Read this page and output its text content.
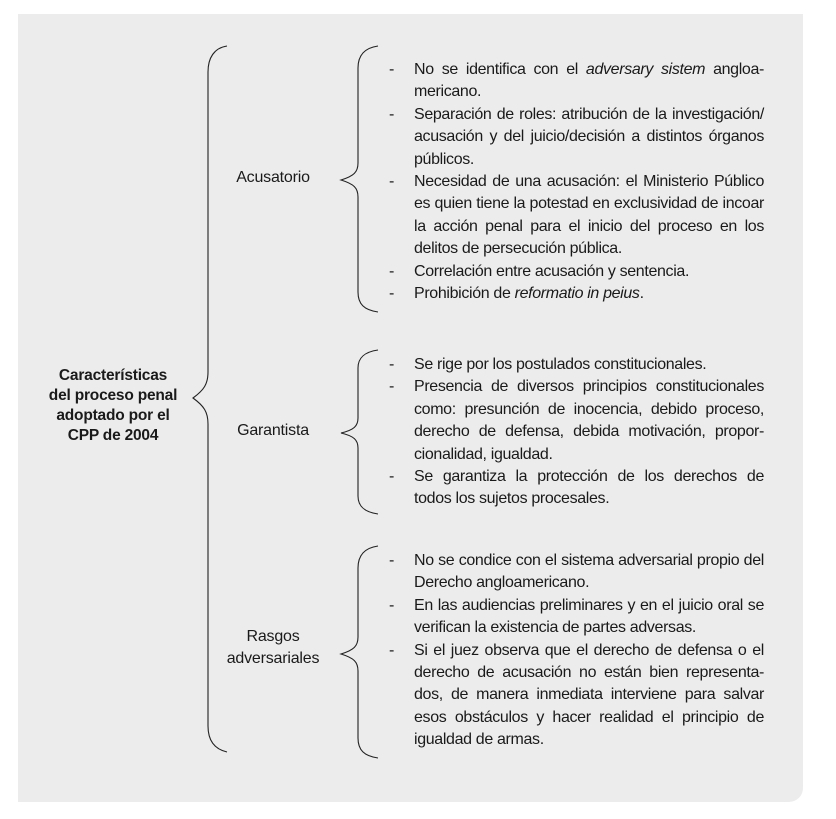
Características
del proceso penal
adoptado por el
CPP de 2004
Acusatorio
Garantista
Rasgos
adversariales
- No se identifica con el adversary sistem angloa-mericano.
- Separación de roles: atribución de la investigación/ acusación y del juicio/decisión a distintos órganos públicos.
- Necesidad de una acusación: el Ministerio Público es quien tiene la potestad en exclusividad de incoar la acción penal para el inicio del proceso en los delitos de persecución pública.
- Correlación entre acusación y sentencia.
- Prohibición de reformatio in peius.
- Se rige por los postulados constitucionales.
- Presencia de diversos principios constitucionales como: presunción de inocencia, debido proceso, derecho de defensa, debida motivación, propor-cionalidad, igualdad.
- Se garantiza la protección de los derechos de todos los sujetos procesales.
- No se condice con el sistema adversarial propio del Derecho angloamericano.
- En las audiencias preliminares y en el juicio oral se verifican la existencia de partes adversas.
- Si el juez observa que el derecho de defensa o el derecho de acusación no están bien representa-dos, de manera inmediata interviene para salvar esos obstáculos y hacer realidad el principio de igualdad de armas.
